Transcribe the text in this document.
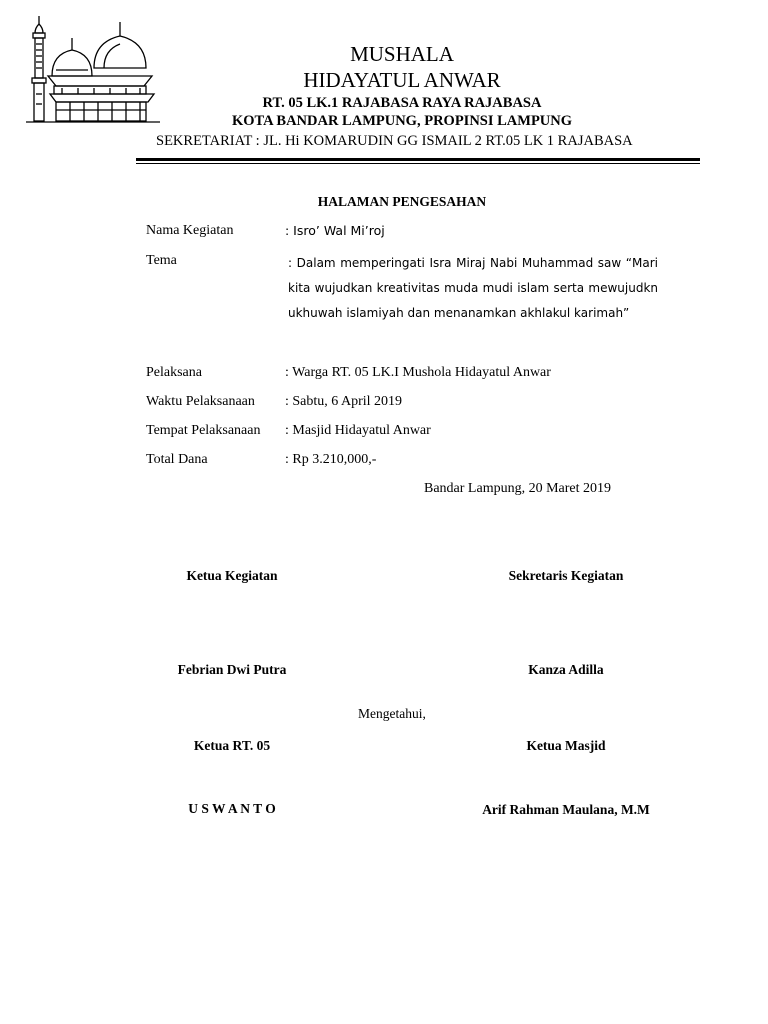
MUSHALA
HIDAYATUL ANWAR
RT. 05 LK.1 RAJABASA RAYA RAJABASA
KOTA BANDAR LAMPUNG, PROPINSI LAMPUNG
SEKRETARIAT : JL. Hi KOMARUDIN GG ISMAIL 2 RT.05 LK 1 RAJABASA
HALAMAN PENGESAHAN
Nama Kegiatan	: Isro’ Wal Mi’roj
Tema	: Dalam memperingati Isra Miraj Nabi Muhammad saw “Mari kita wujudkan kreativitas muda mudi islam serta mewujudkn ukhuwah islamiyah dan menanamkan akhlakul karimah”
Pelaksana	: Warga RT. 05 LK.I Mushola Hidayatul Anwar
Waktu Pelaksanaan : Sabtu, 6 April 2019
Tempat Pelaksanaan : Masjid Hidayatul Anwar
Total Dana	: Rp 3.210,000,-
Bandar Lampung, 20 Maret 2019
Ketua Kegiatan	Sekretaris Kegiatan
Febrian Dwi Putra	Kanza Adilla
Mengetahui,
Ketua RT. 05	Ketua Masjid
U S W A N T O	Arif Rahman Maulana, M.M
